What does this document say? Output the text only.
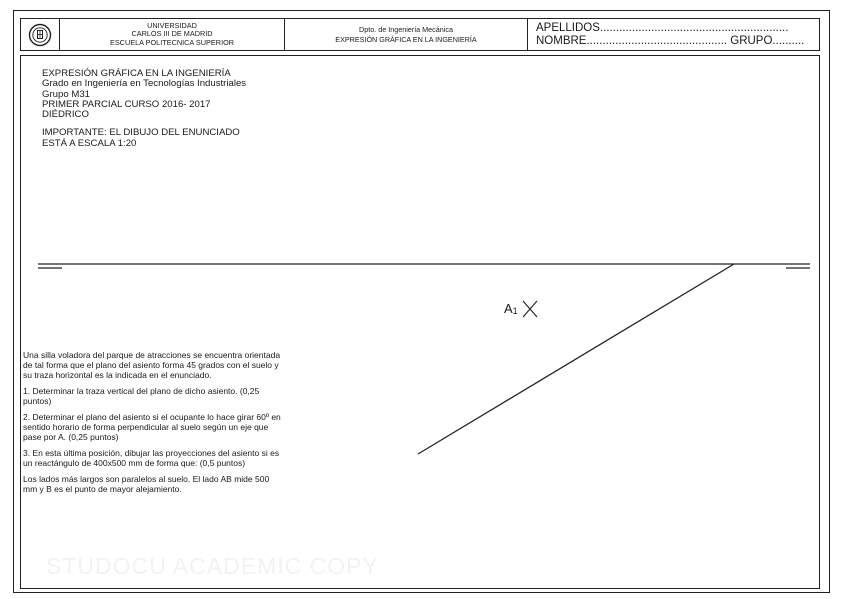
UNIVERSIDAD
CARLOS III DE MADRID
ESCUELA POLITECNICA SUPERIOR
Dpto. de Ingeniería Mecánica
EXPRESIÓN GRÁFICA EN LA INGENIERÍA
APELLIDOS...........................................................
NOMBRE............................................ GRUPO..........
EXPRESIÓN GRÁFICA EN LA INGENIERÍA
Grado en Ingeniería en Tecnologías Industriales
Grupo M31
PRIMER PARCIAL CURSO 2016- 2017
DIÉDRICO
IMPORTANTE: EL DIBUJO DEL ENUNCIADO
ESTÁ A ESCALA 1:20
A1

Una silla voladora del parque de atracciones se encuentra orientada de tal forma que el plano del asiento forma 45 grados con el suelo y su traza horizontal es la indicada en el enunciado.

1. Determinar la traza vertical del plano de dicho asiento. (0,25 puntos)

2. Determinar el plano del asiento si el ocupante lo hace girar 60º en sentido horario de forma perpendicular al suelo según un eje que pase por A. (0,25 puntos)

3. En esta última posición, dibujar las proyecciones del asiento si es un reactángulo de 400x500 mm de forma que: (0,5 puntos)

Los lados más largos son paralelos al suelo. El lado AB mide 500 mm y B es el punto de mayor alejamiento.

STUDOCU ACADEMIC COPY
